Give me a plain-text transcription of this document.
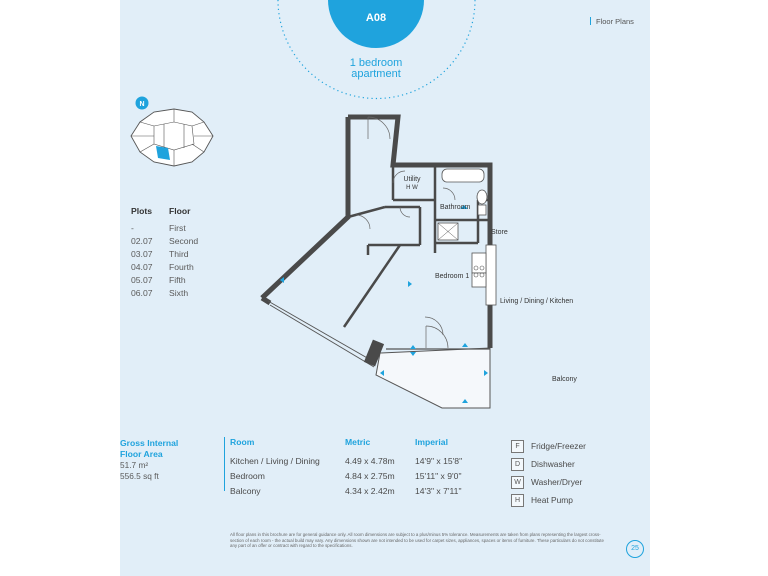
A08
1 bedroom
apartment
Floor Plans
N
Plots	Floor
-	First
02.07	Second
03.07	Third
04.07	Fourth
05.07	Fifth
06.07	Sixth
Utility
H W
Bathroom
Store
Bedroom 1
Living / Dining / Kitchen
Balcony
Gross Internal
Floor Area
51.7 m²
556.5 sq ft
Room	Metric	Imperial
Kitchen / Living / Dining	4.49 x 4.78m	14'9" x 15'8"
Bedroom	4.84 x 2.75m	15'11" x 9'0"
Balcony	4.34 x 2.42m	14'3" x 7'11"
F	Fridge/Freezer
D	Dishwasher
W	Washer/Dryer
H	Heat Pump
All floor plans in this brochure are for general guidance only. All room dimensions are subject to a plus/minus 5% tolerance. Measurements are taken from plans representing the largest cross-section of each room - the actual build may vary. Any dimensions shown are not intended to be used for carpet sizes, appliances, spaces or items of furniture. These particulars do not constitute any part of an offer or contract with regard to the specifications.	25
